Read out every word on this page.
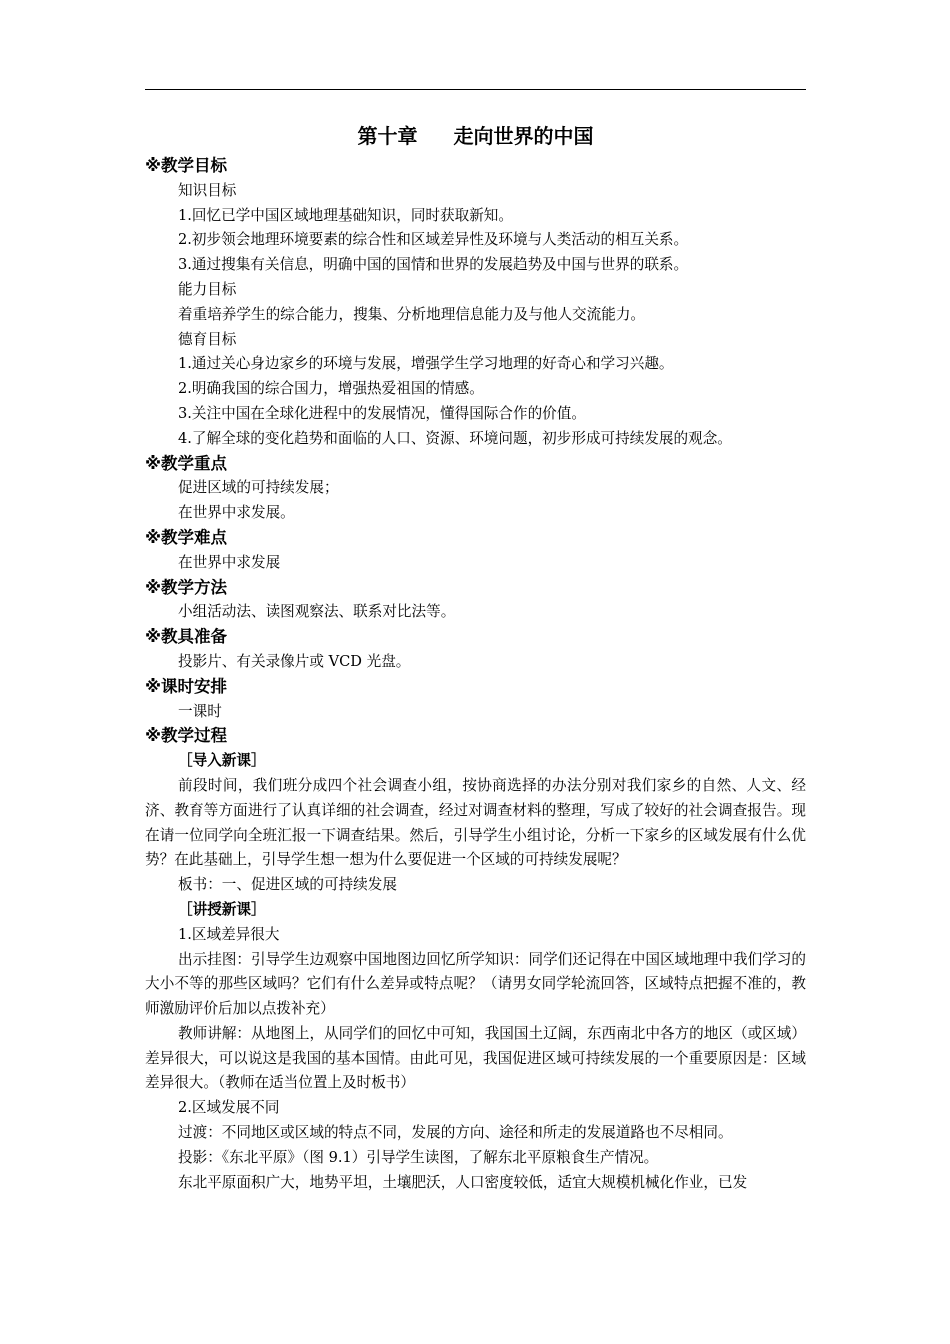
第十章 走向世界的中国
※教学目标
知识目标
1.回忆已学中国区域地理基础知识，同时获取新知。
2.初步领会地理环境要素的综合性和区域差异性及环境与人类活动的相互关系。
3.通过搜集有关信息，明确中国的国情和世界的发展趋势及中国与世界的联系。
能力目标
着重培养学生的综合能力，搜集、分析地理信息能力及与他人交流能力。
德育目标
1.通过关心身边家乡的环境与发展，增强学生学习地理的好奇心和学习兴趣。
2.明确我国的综合国力，增强热爱祖国的情感。
3.关注中国在全球化进程中的发展情况，懂得国际合作的价值。
4.了解全球的变化趋势和面临的人口、资源、环境问题，初步形成可持续发展的观念。
※教学重点
促进区域的可持续发展；
在世界中求发展。
※教学难点
在世界中求发展
※教学方法
小组活动法、读图观察法、联系对比法等。
※教具准备
投影片、有关录像片或 VCD 光盘。
※课时安排
一课时
※教学过程
［导入新课］
前段时间，我们班分成四个社会调查小组，按协商选择的办法分别对我们家乡的自然、人文、经济、教育等方面进行了认真详细的社会调查，经过对调查材料的整理，写成了较好的社会调查报告。现在请一位同学向全班汇报一下调查结果。然后，引导学生小组讨论，分析一下家乡的区域发展有什么优势？在此基础上，引导学生想一想为什么要促进一个区域的可持续发展呢？
板书：一、促进区域的可持续发展
［讲授新课］
1.区域差异很大
出示挂图：引导学生边观察中国地图边回忆所学知识：同学们还记得在中国区域地理中我们学习的大小不等的那些区域吗？它们有什么差异或特点呢？（请男女同学轮流回答，区域特点把握不准的，教师激励评价后加以点拨补充）
教师讲解：从地图上，从同学们的回忆中可知，我国国土辽阔，东西南北中各方的地区（或区域）差异很大，可以说这是我国的基本国情。由此可见，我国促进区域可持续发展的一个重要原因是：区域差异很大。（教师在适当位置上及时板书）
2.区域发展不同
过渡：不同地区或区域的特点不同，发展的方向、途径和所走的发展道路也不尽相同。
投影：《东北平原》（图 9.1）引导学生读图，了解东北平原粮食生产情况。
东北平原面积广大，地势平坦，土壤肥沃，人口密度较低，适宜大规模机械化作业，已发
